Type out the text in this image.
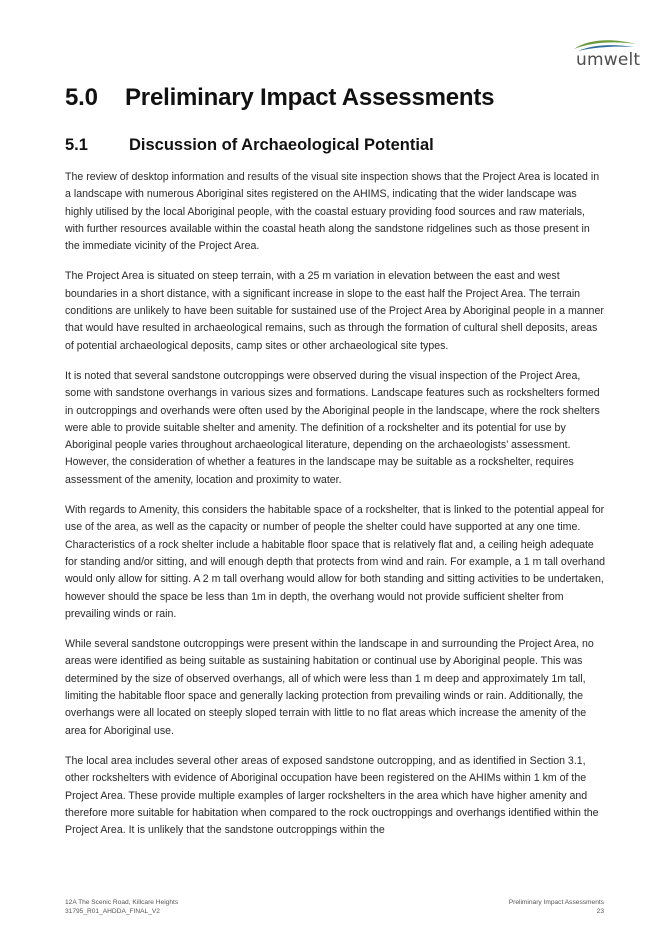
umwelt
5.0	Preliminary Impact Assessments
5.1	Discussion of Archaeological Potential

The review of desktop information and results of the visual site inspection shows that the Project Area is located in a landscape with numerous Aboriginal sites registered on the AHIMS, indicating that the wider landscape was highly utilised by the local Aboriginal people, with the coastal estuary providing food sources and raw materials, with further resources available within the coastal heath along the sandstone ridgelines such as those present in the immediate vicinity of the Project Area.

The Project Area is situated on steep terrain, with a 25 m variation in elevation between the east and west boundaries in a short distance, with a significant increase in slope to the east half the Project Area. The terrain conditions are unlikely to have been suitable for sustained use of the Project Area by Aboriginal people in a manner that would have resulted in archaeological remains, such as through the formation of cultural shell deposits, areas of potential archaeological deposits, camp sites or other archaeological site types.

It is noted that several sandstone outcroppings were observed during the visual inspection of the Project Area, some with sandstone overhangs in various sizes and formations. Landscape features such as rockshelters formed in outcroppings and overhands were often used by the Aboriginal people in the landscape, where the rock shelters were able to provide suitable shelter and amenity. The definition of a rockshelter and its potential for use by Aboriginal people varies throughout archaeological literature, depending on the archaeologists’ assessment. However, the consideration of whether a features in the landscape may be suitable as a rockshelter, requires assessment of the amenity, location and proximity to water.

With regards to Amenity, this considers the habitable space of a rockshelter, that is linked to the potential appeal for use of the area, as well as the capacity or number of people the shelter could have supported at any one time. Characteristics of a rock shelter include a habitable floor space that is relatively flat and, a ceiling heigh adequate for standing and/or sitting, and will enough depth that protects from wind and rain. For example, a 1 m tall overhand would only allow for sitting. A 2 m tall overhang would allow for both standing and sitting activities to be undertaken, however should the space be less than 1m in depth, the overhang would not provide sufficient shelter from prevailing winds or rain.

While several sandstone outcroppings were present within the landscape in and surrounding the Project Area, no areas were identified as being suitable as sustaining habitation or continual use by Aboriginal people. This was determined by the size of observed overhangs, all of which were less than 1 m deep and approximately 1m tall, limiting the habitable floor space and generally lacking protection from prevailing winds or rain. Additionally, the overhangs were all located on steeply sloped terrain with little to no flat areas which increase the amenity of the area for Aboriginal use.

The local area includes several other areas of exposed sandstone outcropping, and as identified in Section 3.1, other rockshelters with evidence of Aboriginal occupation have been registered on the AHIMs within 1 km of the Project Area. These provide multiple examples of larger rockshelters in the area which have higher amenity and therefore more suitable for habitation when compared to the rock ouctroppings and overhangs identified within the Project Area. It is unlikely that the sandstone outcroppings within the

12A The Scenic Road, Killcare Heights
31795_R01_AHDDA_FINAL_V2
Preliminary Impact Assessments
23
